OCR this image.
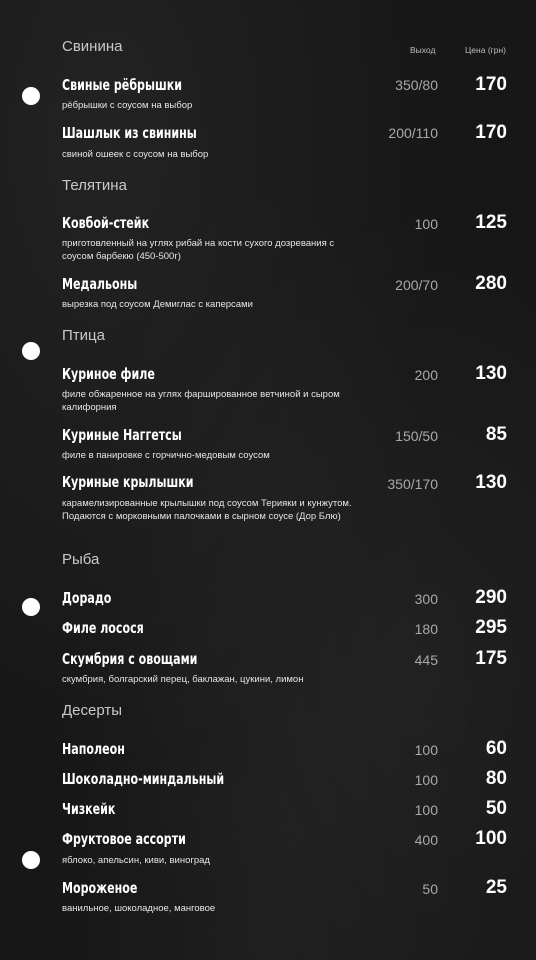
Выход	Цена (грн)
Свинина
Свиные рёбрышки
рёбрышки с соусом на выбор
350/80 170
Шашлык из свинины
свиной ошеек с соусом на выбор
200/110 170
Телятина
Ковбой-стейк
приготовленный на углях рибай на кости сухого дозревания с соусом барбекю (450-500г)
100 125
Медальоны
вырезка под соусом Демиглас с каперсами
200/70 280
Птица
Куриное филе
филе обжаренное на углях фаршированное ветчиной и сыром калифорния
200 130
Куриные Наггетсы
филе в панировке с горчично-медовым соусом
150/50	85
Куриные крылышки
карамелизированные крылышки под соусом Терияки и кунжутом. Подаются с морковными палочками в сырном соусе (Дор Блю)
350/170 130
Рыба
Дорадо	300 290
Филе лосося	180 295
Скумбрия с овощами
скумбрия, болгарский перец, баклажан, цукини, лимон
445 175
Десерты
Наполеон	100	60
Шоколадно-миндальный	100	80
Чизкейк	100	50
Фруктовое ассорти
яблоко, апельсин, киви, виноград
400 100
Мороженое
ванильное, шоколадное, манговое
50	25
